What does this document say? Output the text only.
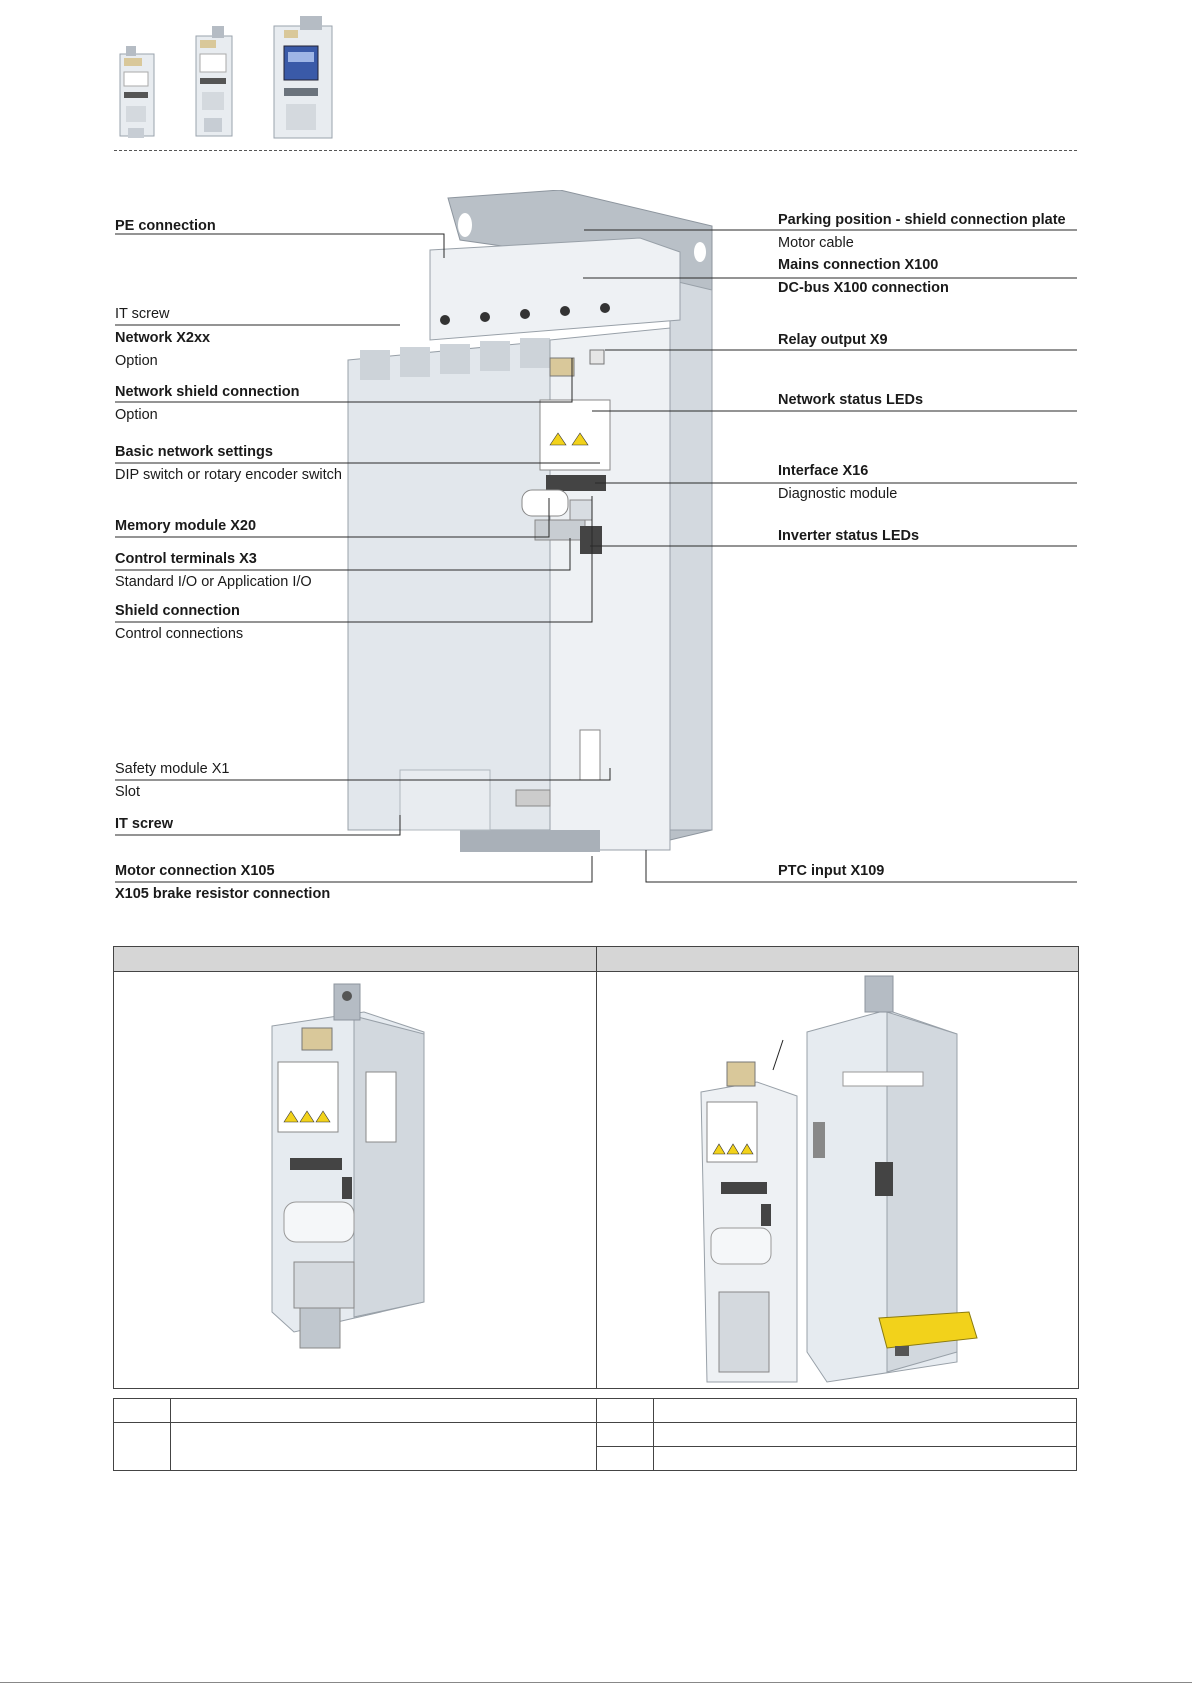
PE connection
IT screw
Network X2xx
Option
Network shield connection
Option
Basic network settings
DIP switch or rotary encoder switch
Memory module X20
Control terminals X3
Standard I/O or Application I/O
Shield connection
Control connections
Safety module X1
Slot
IT screw
Motor connection X105
X105 brake resistor connection
Parking position - shield connection plate
Motor cable
Mains connection X100
DC-bus X100 connection
Relay output X9
Network status LEDs
Interface X16
Diagnostic module
Inverter status LEDs
PTC input X109
